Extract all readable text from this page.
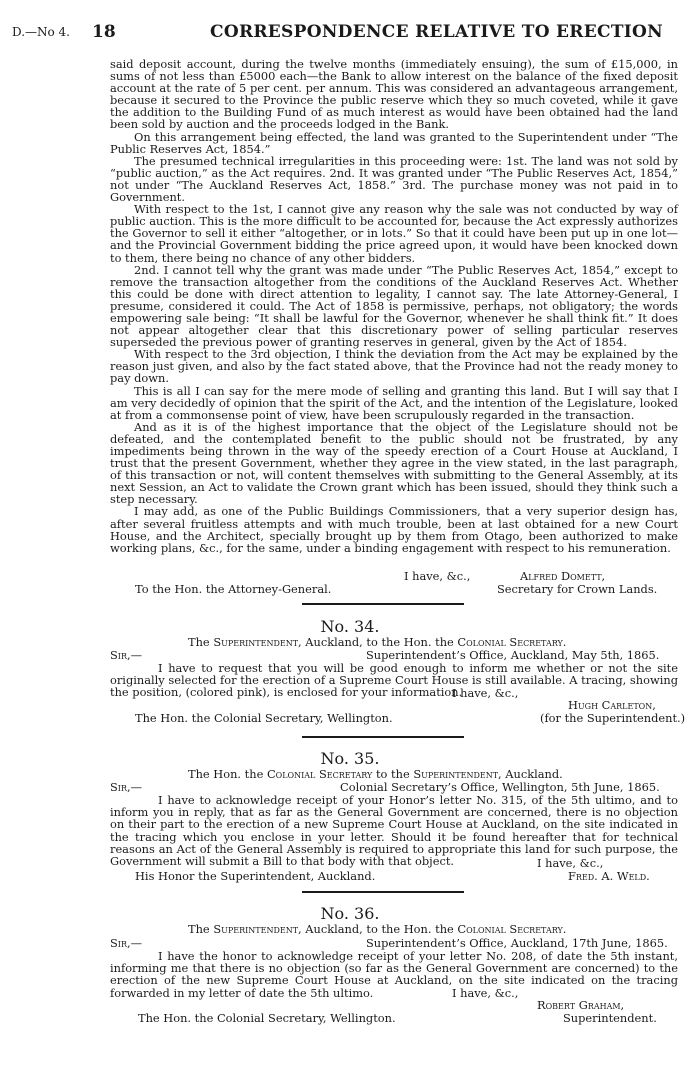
D.—No 4. 18	CORRESPONDENCE RELATIVE TO ERECTION

said deposit account, during the twelve months (immediately ensuing), the sum of £15,000, in sums of not less than £5000 each—the Bank to allow interest on the balance of the fixed deposit account at the rate of 5 per cent. per annum. This was considered an advantageous arrangement, because it secured to the Province the public reserve which they so much coveted, while it gave the addition to the Building Fund of as much interest as would have been obtained had the land been sold by auction and the proceeds lodged in the Bank.

On this arrangement being effected, the land was granted to the Superintendent under “The Public Reserves Act, 1854.”

The presumed technical irregularities in this proceeding were: 1st. The land was not sold by “public auction,” as the Act requires. 2nd. It was granted under “The Public Reserves Act, 1854,” not under “The Auckland Reserves Act, 1858.” 3rd. The purchase money was not paid in to Government.

With respect to the 1st, I cannot give any reason why the sale was not conducted by way of public auction. This is the more difficult to be accounted for, because the Act expressly authorizes the Governor to sell it either “altogether, or in lots.” So that it could have been put up in one lot—and the Provincial Government bidding the price agreed upon, it would have been knocked down to them, there being no chance of any other bidders.

2nd. I cannot tell why the grant was made under “The Public Reserves Act, 1854,” except to remove the transaction altogether from the conditions of the Auckland Reserves Act. Whether this could be done with direct attention to legality, I cannot say. The late Attorney-General, I presume, considered it could. The Act of 1858 is permissive, perhaps, not obligatory; the words empowering sale being: “It shall be lawful for the Governor, whenever he shall think fit.” It does not appear altogether clear that this discretionary power of selling particular reserves superseded the previous power of granting reserves in general, given by the Act of 1854.

With respect to the 3rd objection, I think the deviation from the Act may be explained by the reason just given, and also by the fact stated above, that the Province had not the ready money to pay down.

This is all I can say for the mere mode of selling and granting this land. But I will say that I am very decidedly of opinion that the spirit of the Act, and the intention of the Legislature, looked at from a commonsense point of view, have been scrupulously regarded in the transaction.

And as it is of the highest importance that the object of the Legislature should not be defeated, and the contemplated benefit to the public should not be frustrated, by any impediments being thrown in the way of the speedy erection of a Court House at Auckland, I trust that the present Government, whether they agree in the view stated, in the last paragraph, of this transaction or not, will content themselves with submitting to the General Assembly, at its next Session, an Act to validate the Crown grant which has been issued, should they think such a step necessary.

I may add, as one of the Public Buildings Commissioners, that a very superior design has, after several fruitless attempts and with much trouble, been at last obtained for a new Court House, and the Architect, specially brought up by them from Otago, been authorized to make working plans, &c., for the same, under a binding engagement with respect to his remuneration.

I have, &c.,	Alfred Domett,
To the Hon. the Attorney-General.	Secretary for Crown Lands.
No. 34.
The Superintendent, Auckland, to the Hon. the Colonial Secretary.
Sir,—	Superintendent’s Office, Auckland, May 5th, 1865.

I have to request that you will be good enough to inform me whether or not the site originally selected for the erection of a Supreme Court House is still available. A tracing, showing the position, (colored pink), is enclosed for your information.

I have, &c.,
Hugh Carleton,
The Hon. the Colonial Secretary, Wellington.	(for the Superintendent.)
No. 35.
The Hon. the Colonial Secretary to the Superintendent, Auckland.
Sir,—	Colonial Secretary’s Office, Wellington, 5th June, 1865.

I have to acknowledge receipt of your Honor’s letter No. 315, of the 5th ultimo, and to inform you in reply, that as far as the General Government are concerned, there is no objection on their part to the erection of a new Supreme Court House at Auckland, on the site indicated in the tracing which you enclose in your letter. Should it be found hereafter that for technical reasons an Act of the General Assembly is required to appropriate this land for such purpose, the Government will submit a Bill to that body with that object.	I have, &c.,
His Honor the Superintendent, Auckland.	Fred. A. Weld.
No. 36.
The Superintendent, Auckland, to the Hon. the Colonial Secretary.
Sir,—	Superintendent’s Office, Auckland, 17th June, 1865.

I have the honor to acknowledge receipt of your letter No. 208, of date the 5th instant, informing me that there is no objection (so far as the General Government are concerned) to the erection of the new Supreme Court House at Auckland, on the site indicated on the tracing forwarded in my letter of date the 5th ultimo.	I have, &c.,
Robert Graham,
The Hon. the Colonial Secretary, Wellington.	Superintendent.
